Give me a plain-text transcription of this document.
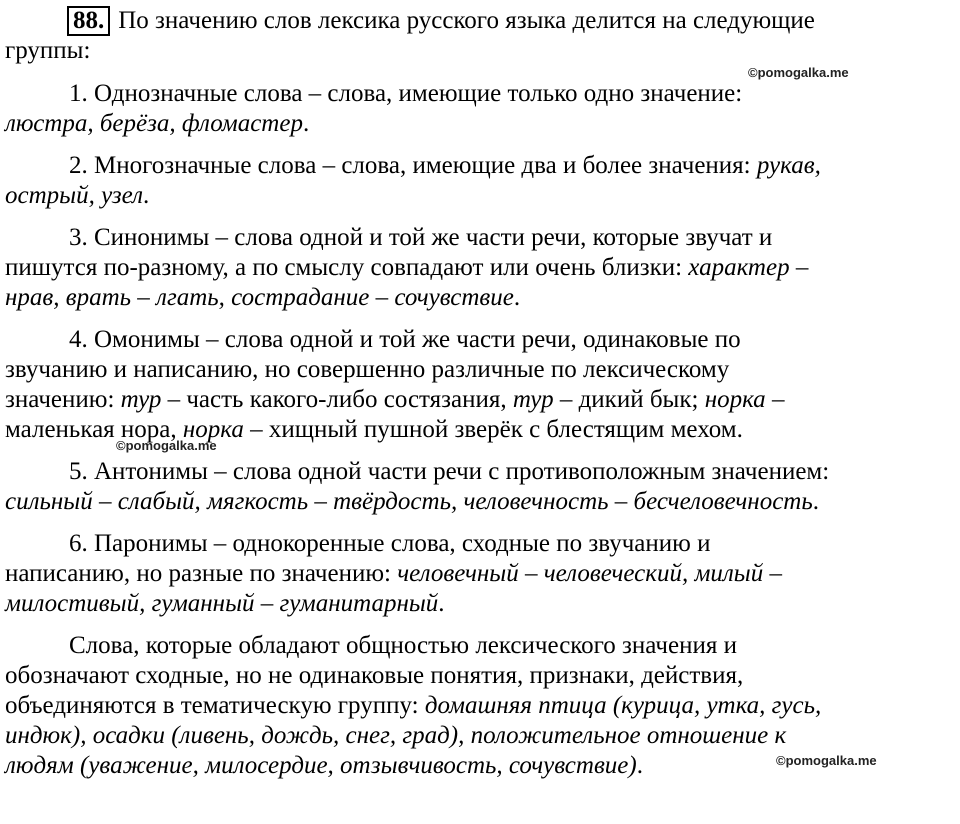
88. По значению слов лексика русского языка делится на следующие
группы:

1. Однозначные слова – слова, имеющие только одно значение:
люстра, берёза, фломастер.

2. Многозначные слова – слова, имеющие два и более значения: рукав,
острый, узел.

3. Синонимы – слова одной и той же части речи, которые звучат и
пишутся по-разному, а по смыслу совпадают или очень близки: характер –
нрав, врать – лгать, сострадание – сочувствие.

4. Омонимы – слова одной и той же части речи, одинаковые по
звучанию и написанию, но совершенно различные по лексическому
значению: тур – часть какого-либо состязания, тур – дикий бык; норка –
маленькая нора, норка – хищный пушной зверёк с блестящим мехом.

5. Антонимы – слова одной части речи с противоположным значением:
сильный – слабый, мягкость – твёрдость, человечность – бесчеловечность.

6. Паронимы – однокоренные слова, сходные по звучанию и
написанию, но разные по значению: человечный – человеческий, милый –
милостивый, гуманный – гуманитарный.

Слова, которые обладают общностью лексического значения и
обозначают сходные, но не одинаковые понятия, признаки, действия,
объединяются в тематическую группу: домашняя птица (курица, утка, гусь,
индюк), осадки (ливень, дождь, снег, град), положительное отношение к
людям (уважение, милосердие, отзывчивость, сочувствие).

©pomogalka.me
©pomogalka.me
©pomogalka.me
